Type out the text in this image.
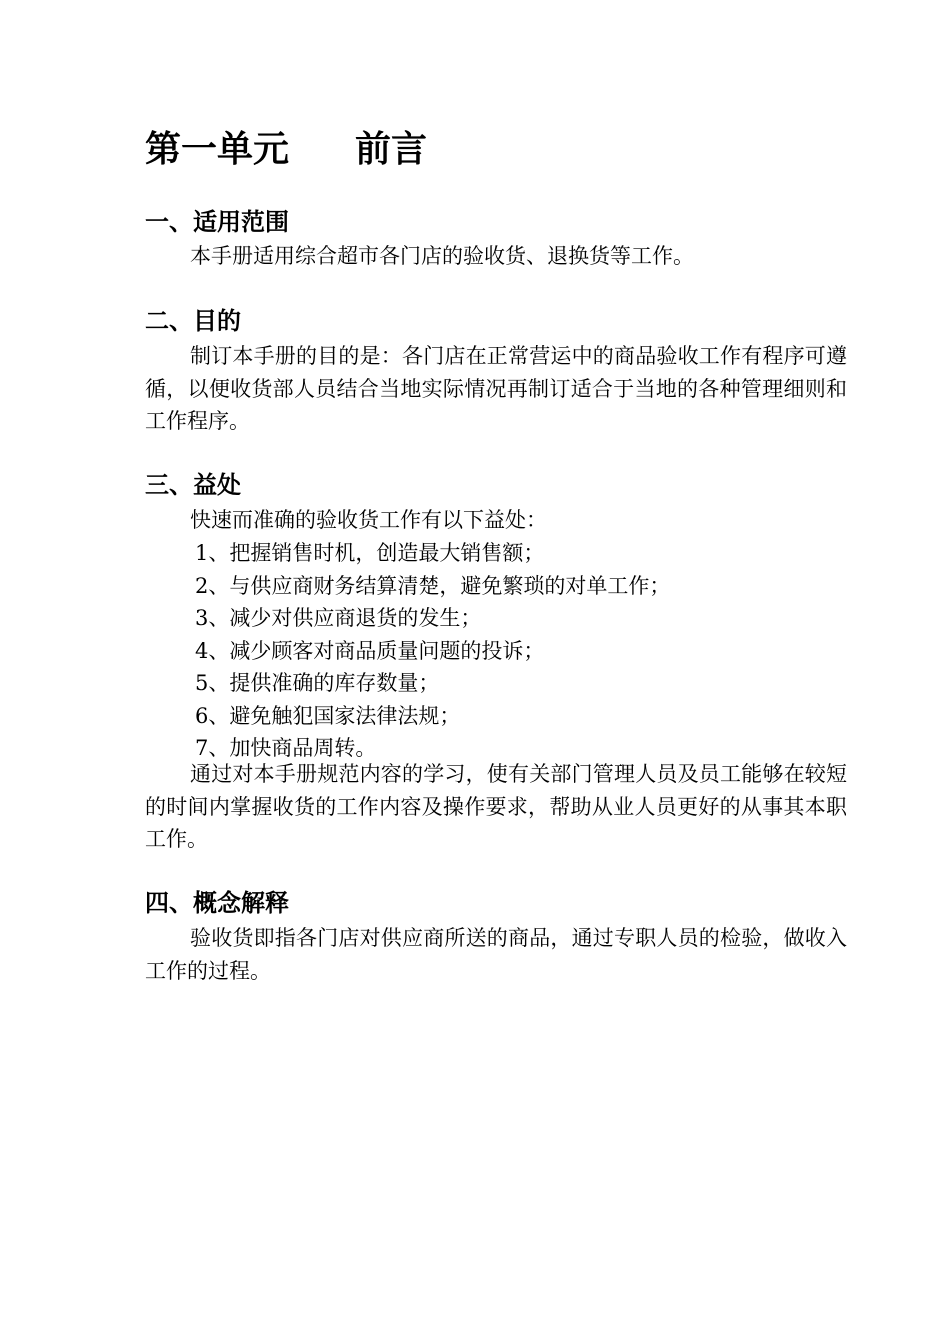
第一单元 前言
一、适用范围

本手册适用综合超市各门店的验收货、退换货等工作。

二、目的

制订本手册的目的是：各门店在正常营运中的商品验收工作有程序可遵循，以便收货部人员结合当地实际情况再制订适合于当地的各种管理细则和工作程序。

三、益处

快速而准确的验收货工作有以下益处：

1、把握销售时机，创造最大销售额；
2、与供应商财务结算清楚，避免繁琐的对单工作；
3、减少对供应商退货的发生；
4、减少顾客对商品质量问题的投诉；
5、提供准确的库存数量；
6、避免触犯国家法律法规；
7、加快商品周转。

通过对本手册规范内容的学习，使有关部门管理人员及员工能够在较短的时间内掌握收货的工作内容及操作要求，帮助从业人员更好的从事其本职工作。

四、概念解释

验收货即指各门店对供应商所送的商品，通过专职人员的检验，做收入工作的过程。
